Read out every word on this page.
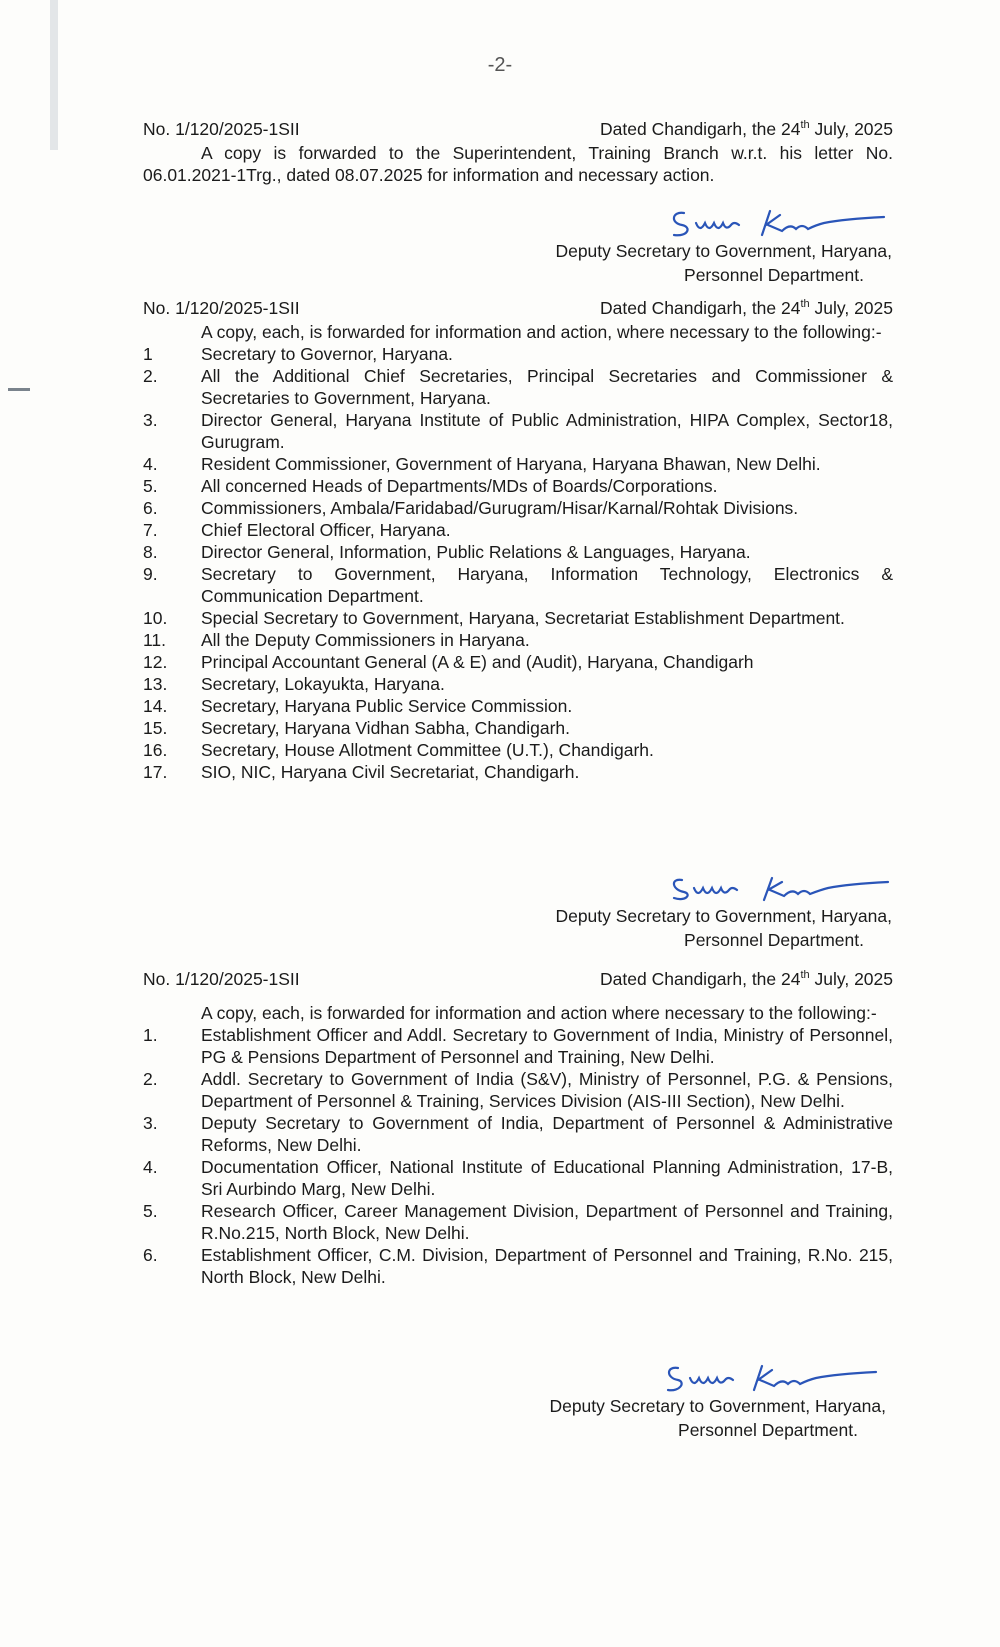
-2-
No. 1/120/2025-1SII	Dated Chandigarh, the 24th July, 2025

A copy is forwarded to the Superintendent, Training Branch w.r.t. his letter No. 06.01.2021-1Trg., dated 08.07.2025 for information and necessary action.

Deputy Secretary to Government, Haryana,
Personnel Department.
No. 1/120/2025-1SII	Dated Chandigarh, the 24th July, 2025

A copy, each, is forwarded for information and action, where necessary to the following:-

1	Secretary to Governor, Haryana.
2.	All the Additional Chief Secretaries, Principal Secretaries and Commissioner & Secretaries to Government, Haryana.
3.	Director General, Haryana Institute of Public Administration, HIPA Complex, Sector18, Gurugram.
4.	Resident Commissioner, Government of Haryana, Haryana Bhawan, New Delhi.
5.	All concerned Heads of Departments/MDs of Boards/Corporations.
6.	Commissioners, Ambala/Faridabad/Gurugram/Hisar/Karnal/Rohtak Divisions.
7.	Chief Electoral Officer, Haryana.
8.	Director General, Information, Public Relations & Languages, Haryana.
9.	Secretary to Government, Haryana, Information Technology, Electronics & Communication Department.
10.	Special Secretary to Government, Haryana, Secretariat Establishment Department.
11.	All the Deputy Commissioners in Haryana.
12.	Principal Accountant General (A & E) and (Audit), Haryana, Chandigarh
13.	Secretary, Lokayukta, Haryana.
14.	Secretary, Haryana Public Service Commission.
15.	Secretary, Haryana Vidhan Sabha, Chandigarh.
16.	Secretary, House Allotment Committee (U.T.), Chandigarh.
17.	SIO, NIC, Haryana Civil Secretariat, Chandigarh.
Deputy Secretary to Government, Haryana,
Personnel Department.
No. 1/120/2025-1SII	Dated Chandigarh, the 24th July, 2025

A copy, each, is forwarded for information and action where necessary to the following:-

1.	Establishment Officer and Addl. Secretary to Government of India, Ministry of Personnel, PG & Pensions Department of Personnel and Training, New Delhi.
2.	Addl. Secretary to Government of India (S&V), Ministry of Personnel, P.G. & Pensions, Department of Personnel & Training, Services Division (AIS-III Section), New Delhi.
3.	Deputy Secretary to Government of India, Department of Personnel & Administrative Reforms, New Delhi.
4.	Documentation Officer, National Institute of Educational Planning Administration, 17-B, Sri Aurbindo Marg, New Delhi.
5.	Research Officer, Career Management Division, Department of Personnel and Training, R.No.215, North Block, New Delhi.
6.	Establishment Officer, C.M. Division, Department of Personnel and Training, R.No. 215, North Block, New Delhi.
Deputy Secretary to Government, Haryana,
Personnel Department.
